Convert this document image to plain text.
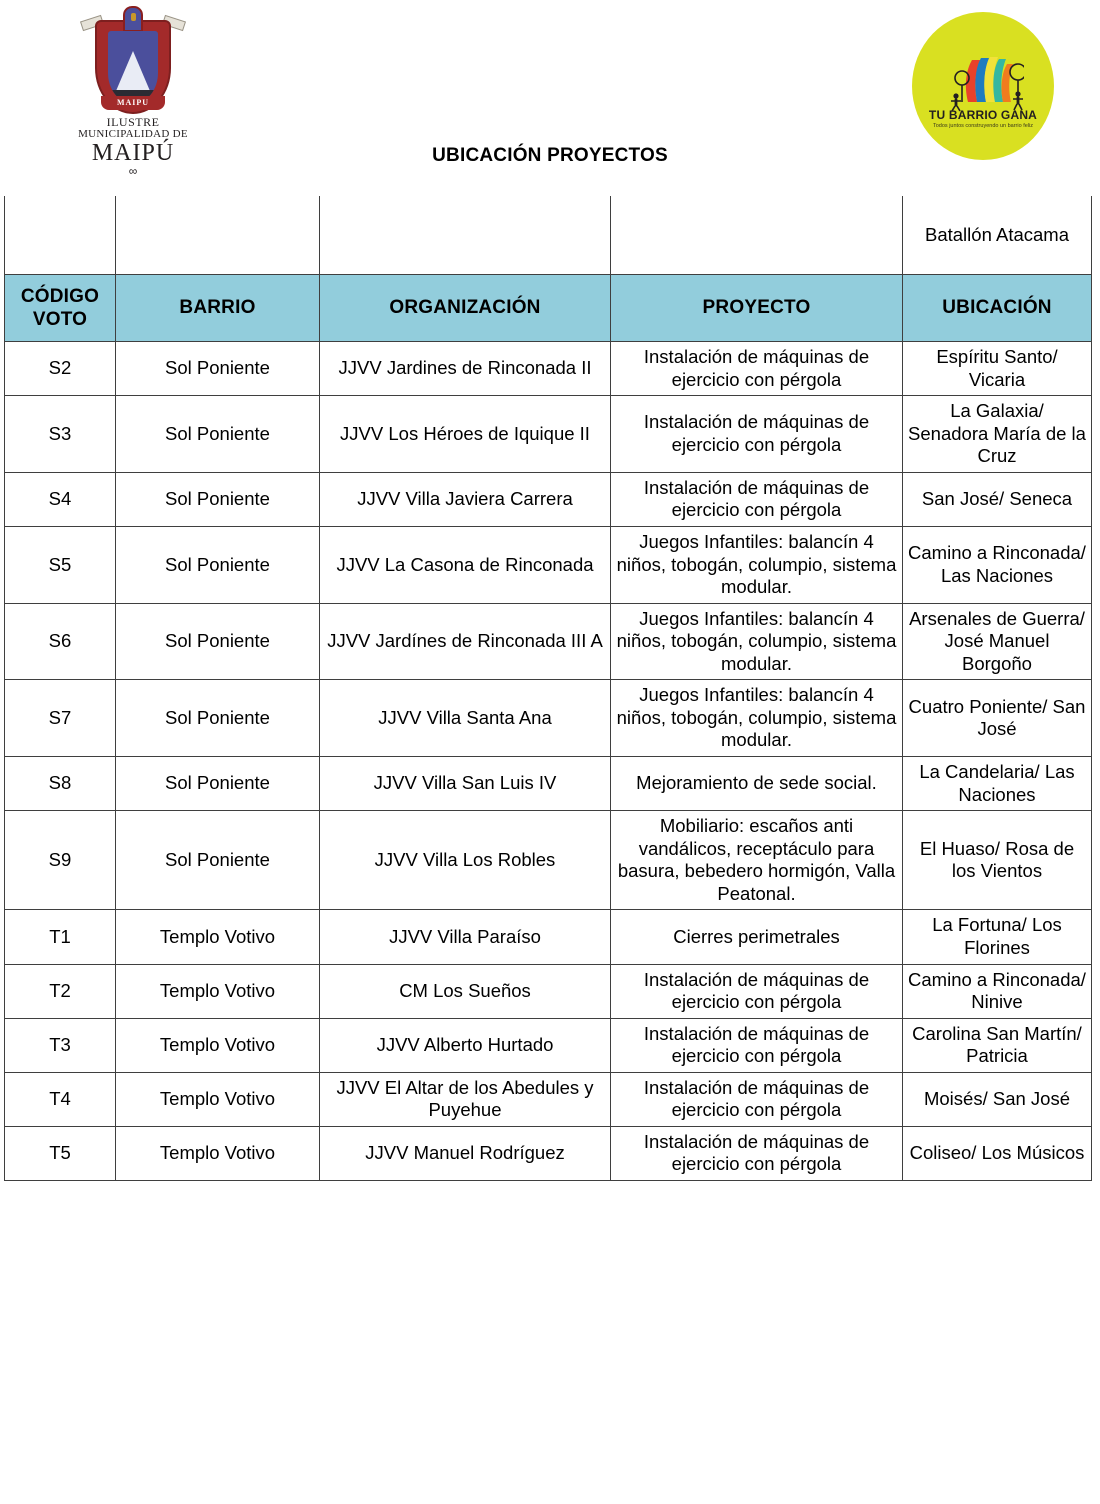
MAIPU
ILUSTRE
MUNICIPALIDAD DE
MAIPÚ
∞
TU BARRIO GANA
Todos juntos construyendo un barrio feliz
UBICACIÓN PROYECTOS
				Batallón Atacama
CÓDIGO VOTO	BARRIO	ORGANIZACIÓN	PROYECTO	UBICACIÓN
S2	Sol Poniente	JJVV Jardines de Rinconada II	Instalación de máquinas de ejercicio con pérgola	Espíritu Santo/ Vicaria
S3	Sol Poniente	JJVV Los Héroes de Iquique II	Instalación de máquinas de ejercicio con pérgola	La Galaxia/ Senadora María de la Cruz
S4	Sol Poniente	JJVV Villa Javiera Carrera	Instalación de máquinas de ejercicio con pérgola	San José/ Seneca
S5	Sol Poniente	JJVV La Casona de Rinconada	Juegos Infantiles: balancín 4 niños, tobogán, columpio, sistema modular.	Camino a Rinconada/ Las Naciones
S6	Sol Poniente	JJVV Jardínes de Rinconada III A	Juegos Infantiles: balancín 4 niños, tobogán, columpio, sistema modular.	Arsenales de Guerra/ José Manuel Borgoño
S7	Sol Poniente	JJVV Villa Santa Ana	Juegos Infantiles: balancín 4 niños, tobogán, columpio, sistema modular.	Cuatro Poniente/ San José
S8	Sol Poniente	JJVV Villa San Luis IV	Mejoramiento de sede social.	La Candelaria/ Las Naciones
S9	Sol Poniente	JJVV Villa Los Robles	Mobiliario: escaños anti vandálicos, receptáculo para basura, bebedero hormigón, Valla Peatonal.	El Huaso/ Rosa de los Vientos
T1	Templo Votivo	JJVV Villa Paraíso	Cierres perimetrales	La Fortuna/ Los Florines
T2	Templo Votivo	CM Los Sueños	Instalación de máquinas de ejercicio con pérgola	Camino a Rinconada/ Ninive
T3	Templo Votivo	JJVV Alberto Hurtado	Instalación de máquinas de ejercicio con pérgola	Carolina San Martín/ Patricia
T4	Templo Votivo	JJVV El Altar de los Abedules y Puyehue	Instalación de máquinas de ejercicio con pérgola	Moisés/ San José
T5	Templo Votivo	JJVV Manuel Rodríguez	Instalación de máquinas de ejercicio con pérgola	Coliseo/ Los Músicos
